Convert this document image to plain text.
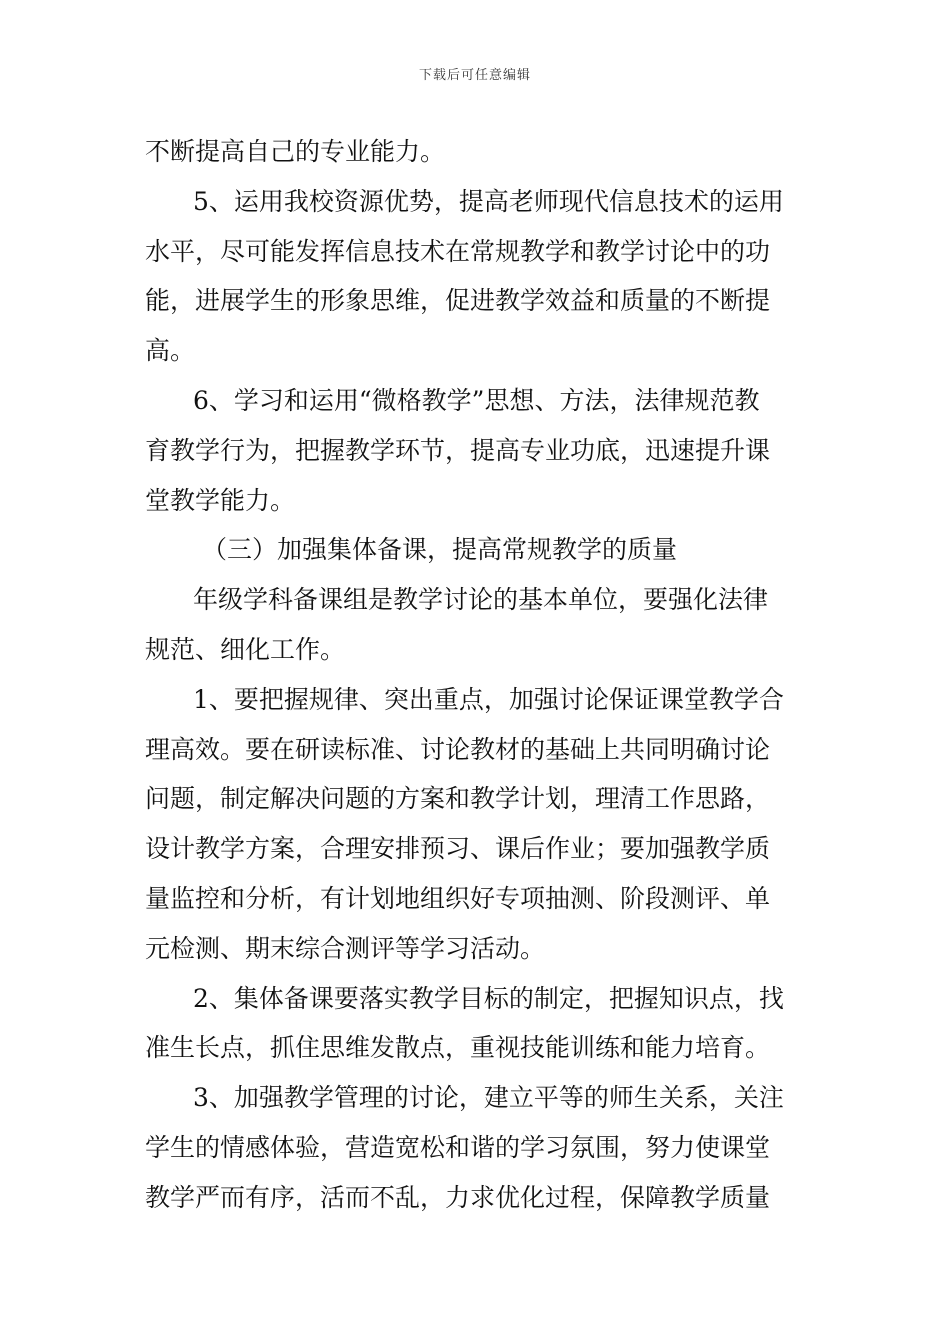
下载后可任意编辑
不断提高自己的专业能力。
5、运用我校资源优势，提高老师现代信息技术的运用
水平，尽可能发挥信息技术在常规教学和教学讨论中的功
能，进展学生的形象思维，促进教学效益和质量的不断提
高。
6、学习和运用“微格教学”思想、方法，法律规范教
育教学行为，把握教学环节，提高专业功底，迅速提升课
堂教学能力。
（三）加强集体备课，提高常规教学的质量
年级学科备课组是教学讨论的基本单位，要强化法律
规范、细化工作。
1、要把握规律、突出重点，加强讨论保证课堂教学合
理高效。要在研读标准、讨论教材的基础上共同明确讨论
问题，制定解决问题的方案和教学计划，理清工作思路，
设计教学方案，合理安排预习、课后作业；要加强教学质
量监控和分析，有计划地组织好专项抽测、阶段测评、单
元检测、期末综合测评等学习活动。
2、集体备课要落实教学目标的制定，把握知识点，找
准生长点，抓住思维发散点，重视技能训练和能力培育。
3、加强教学管理的讨论，建立平等的师生关系，关注
学生的情感体验，营造宽松和谐的学习氛围，努力使课堂
教学严而有序，活而不乱，力求优化过程，保障教学质量
